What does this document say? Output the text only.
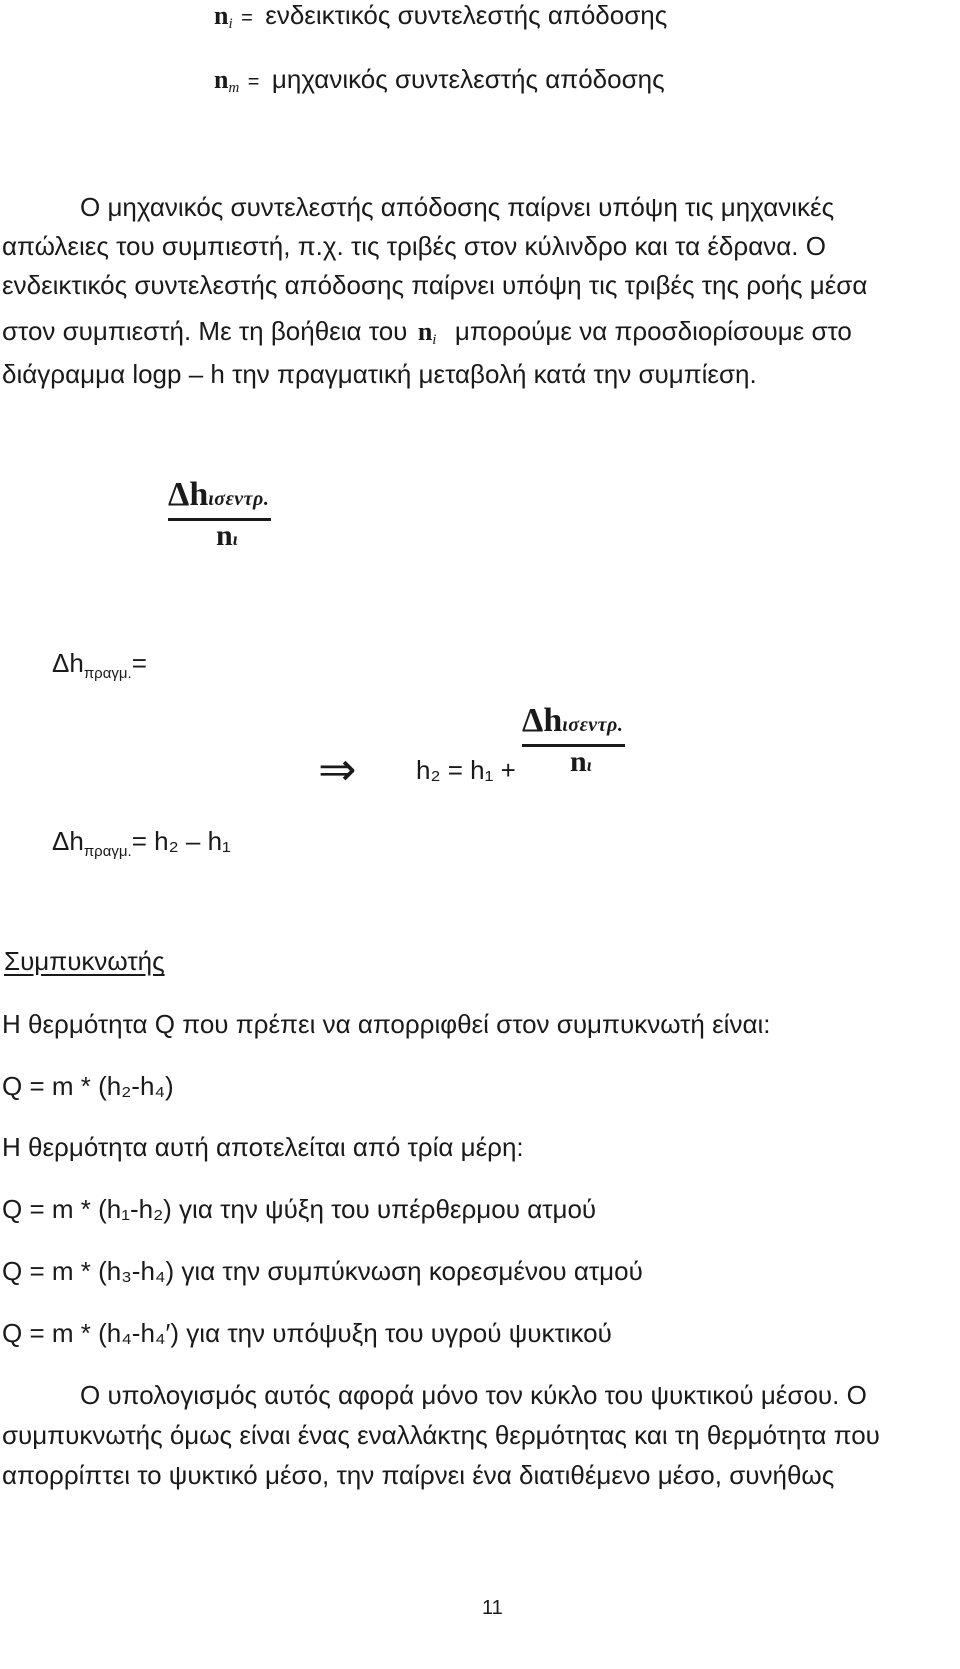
$n_i = \varepsilon\nu\delta\varepsilon\iota\kappa\tau\iota\kappa ό\varsigma$ συντελεστής απόδοσης
$n_m = \mu\eta\chi\alpha\nu\iota\kappa ό\varsigma$ συντελεστής απόδοσης
Ο μηχανικός συντελεστής απόδοσης παίρνει υπόψη τις μηχανικές
απώλειες του συμπιεστή, π.χ. τις τριβές στον κύλινδρο και τα έδρανα. Ο
ενδεικτικός συντελεστής απόδοσης παίρνει υπόψη τις τριβές της ροής μέσα
στον συμπιεστή. Με τη βοήθεια του $n_i$ μπορούμε να προσδιορίσουμε στο
διάγραμμα logp – h την πραγματική μεταβολή κατά την συμπίεση.
Δhισεντρ.
nι
$\Delta h_{\pi\rho\alpha\gamma\mu.}=$
⇒ h₂ = h₁ +
Δhισεντρ.
nι
$\Delta h_{\pi\rho\alpha\gamma\mu.}= h_2 - h_1$
Συμπυκνωτής
Η θερμότητα Q που πρέπει να απορριφθεί στον συμπυκνωτή είναι:
Q = m * (h₂-h₄)
Η θερμότητα αυτή αποτελείται από τρία μέρη:
Q = m * (h₁-h₂) για την ψύξη του υπέρθερμου ατμού
Q = m * (h₃-h₄) για την συμπύκνωση κορεσμένου ατμού
Q = m * (h₄-h₄′) για την υπόψυξη του υγρού ψυκτικού
Ο υπολογισμός αυτός αφορά μόνο τον κύκλο του ψυκτικού μέσου. Ο
συμπυκνωτής όμως είναι ένας εναλλάκτης θερμότητας και τη θερμότητα που
απορρίπτει το ψυκτικό μέσο, την παίρνει ένα διατιθέμενο μέσο, συνήθως
11
